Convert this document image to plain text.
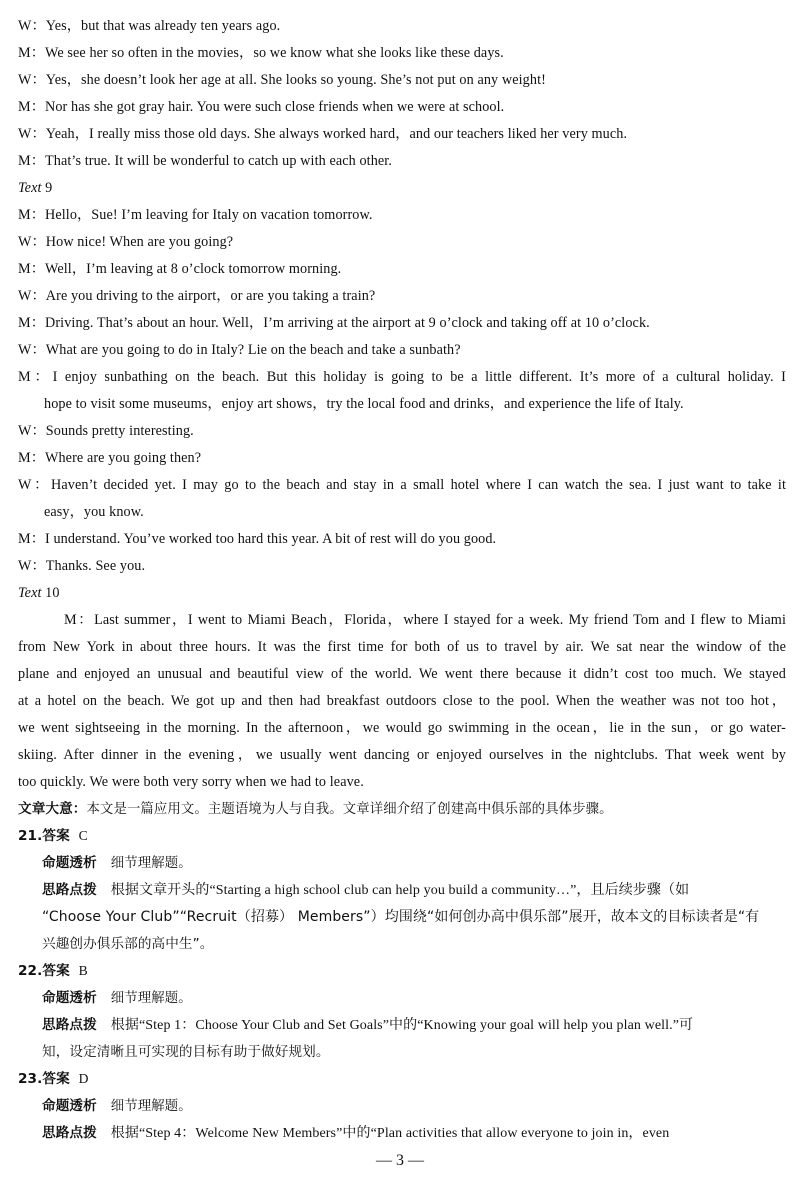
W：Yes，but that was already ten years ago.
M：We see her so often in the movies，so we know what she looks like these days.
W：Yes，she doesn’t look her age at all. She looks so young. She’s not put on any weight!
M：Nor has she got gray hair. You were such close friends when we were at school.
W：Yeah，I really miss those old days. She always worked hard，and our teachers liked her very much.
M：That’s true. It will be wonderful to catch up with each other.
Text 9
M：Hello，Sue! I’m leaving for Italy on vacation tomorrow.
W：How nice! When are you going?
M：Well，I’m leaving at 8 o’clock tomorrow morning.
W：Are you driving to the airport，or are you taking a train?
M：Driving. That’s about an hour. Well，I’m arriving at the airport at 9 o’clock and taking off at 10 o’clock.
W：What are you going to do in Italy? Lie on the beach and take a sunbath?
M：I enjoy sunbathing on the beach. But this holiday is going to be a little different. It’s more of a cultural holiday. I
hope to visit some museums，enjoy art shows，try the local food and drinks，and experience the life of Italy.
W：Sounds pretty interesting.
M：Where are you going then?
W：Haven’t decided yet. I may go to the beach and stay in a small hotel where I can watch the sea. I just want to take it
easy，you know.
M：I understand. You’ve worked too hard this year. A bit of rest will do you good.
W：Thanks. See you.
Text 10
M：Last summer，I went to Miami Beach，Florida，where I stayed for a week. My friend Tom and I flew to Miami
from New York in about three hours. It was the first time for both of us to travel by air. We sat near the window of the
plane and enjoyed an unusual and beautiful view of the world. We went there because it didn’t cost too much. We stayed
at a hotel on the beach. We got up and then had breakfast outdoors close to the pool. When the weather was not too hot，
we went sightseeing in the morning. In the afternoon，we would go swimming in the ocean，lie in the sun，or go water-
skiing. After dinner in the evening，we usually went dancing or enjoyed ourselves in the nightclubs. That week went by
too quickly. We were both very sorry when we had to leave.
文章大意：本文是一篇应用文。主题语境为人与自我。文章详细介绍了创建高中俱乐部的具体步骤。
21.答案 C
命题透析 细节理解题。
思路点拨 根据文章开头的“Starting a high school club can help you build a community…”，且后续步骤（如
“Choose Your Club”“Recruit（招募） Members”）均围绕“如何创办高中俱乐部”展开，故本文的目标读者是“有
兴趣创办俱乐部的高中生”。
22.答案 B
命题透析 细节理解题。
思路点拨 根据“Step 1：Choose Your Club and Set Goals”中的“Knowing your goal will help you plan well.”可
知，设定清晰且可实现的目标有助于做好规划。
23.答案 D
命题透析 细节理解题。
思路点拨 根据“Step 4：Welcome New Members”中的“Plan activities that allow everyone to join in，even
— 3 —
